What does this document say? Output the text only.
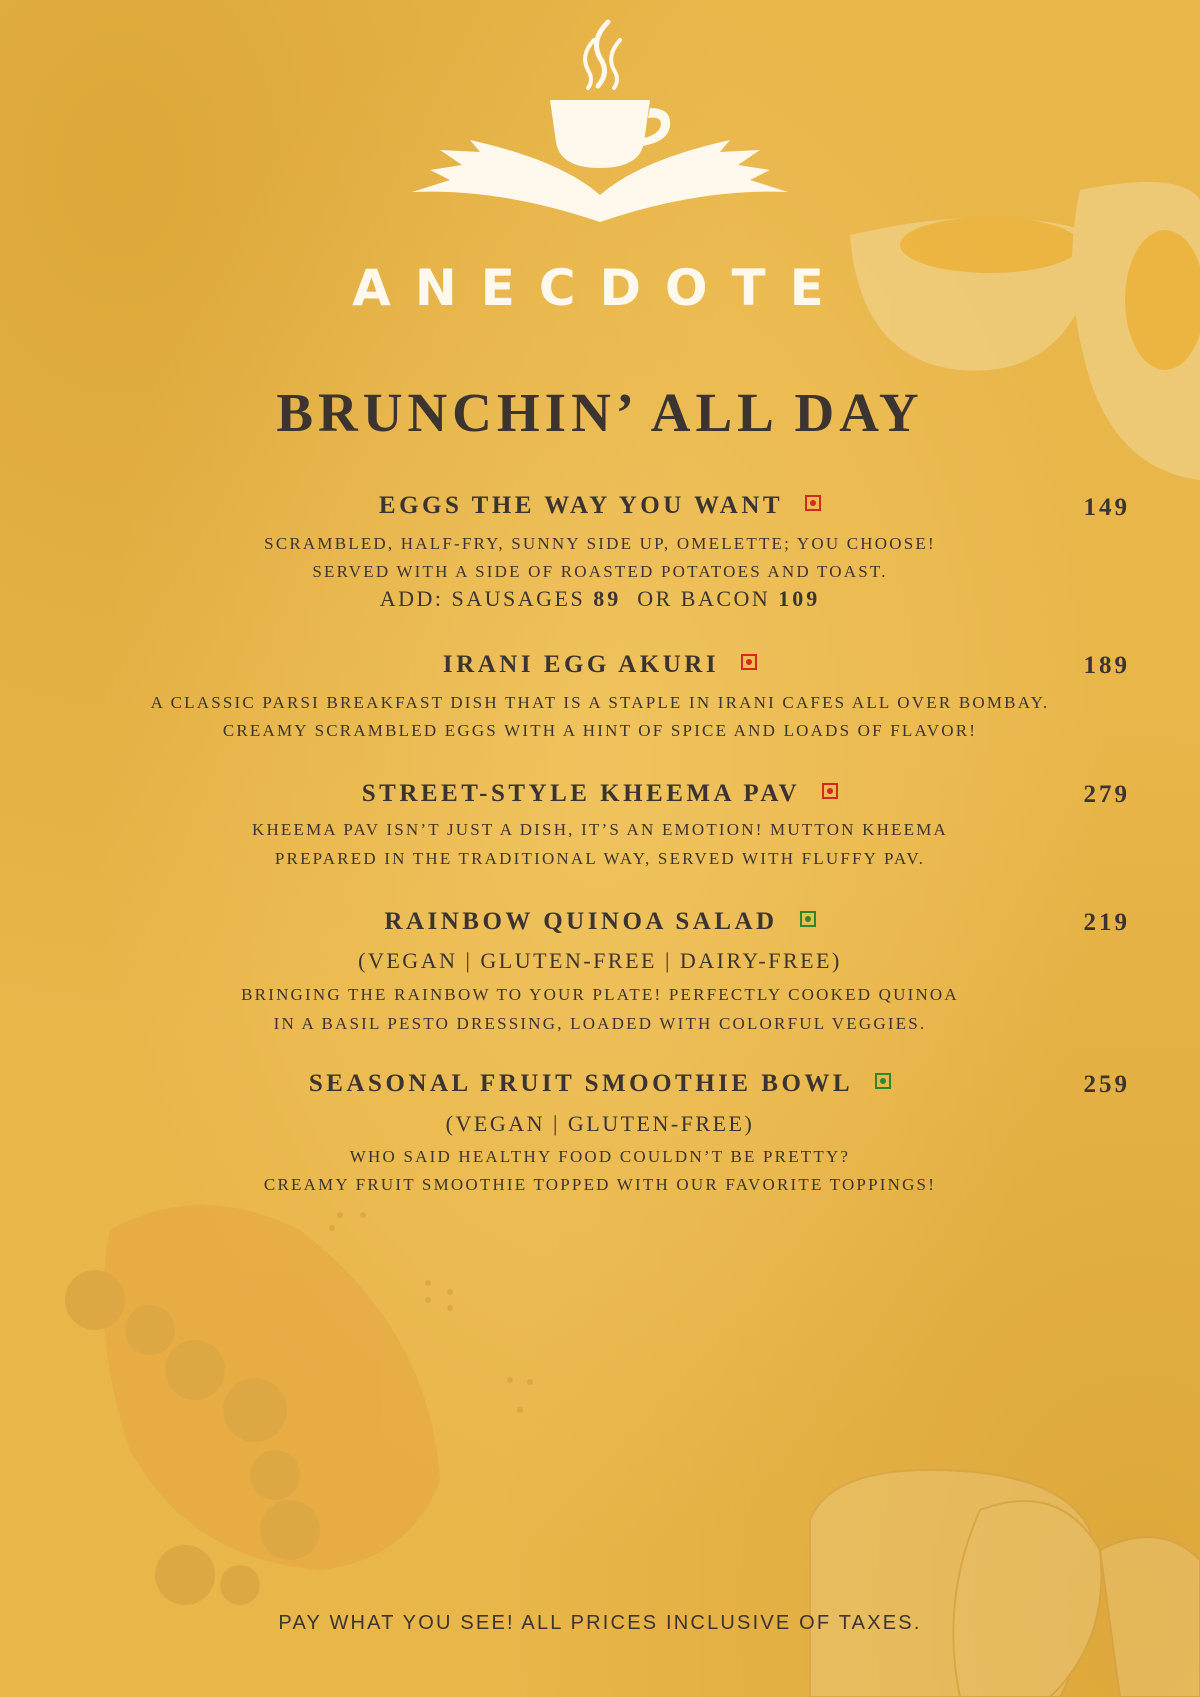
ANECDOTE
BRUNCHIN’ ALL DAY
EGGS THE WAY YOU WANT	149
SCRAMBLED, HALF-FRY, SUNNY SIDE UP, OMELETTE; YOU CHOOSE!
SERVED WITH A SIDE OF ROASTED POTATOES AND TOAST.
ADD: SAUSAGES 89 OR BACON 109
IRANI EGG AKURI	189
A CLASSIC PARSI BREAKFAST DISH THAT IS A STAPLE IN IRANI CAFES ALL OVER BOMBAY.
CREAMY SCRAMBLED EGGS WITH A HINT OF SPICE AND LOADS OF FLAVOR!
STREET-STYLE KHEEMA PAV	279
KHEEMA PAV ISN’T JUST A DISH, IT’S AN EMOTION! MUTTON KHEEMA
PREPARED IN THE TRADITIONAL WAY, SERVED WITH FLUFFY PAV.
RAINBOW QUINOA SALAD	219
(VEGAN | GLUTEN-FREE | DAIRY-FREE)
BRINGING THE RAINBOW TO YOUR PLATE! PERFECTLY COOKED QUINOA
IN A BASIL PESTO DRESSING, LOADED WITH COLORFUL VEGGIES.
SEASONAL FRUIT SMOOTHIE BOWL	259
(VEGAN | GLUTEN-FREE)
WHO SAID HEALTHY FOOD COULDN’T BE PRETTY?
CREAMY FRUIT SMOOTHIE TOPPED WITH OUR FAVORITE TOPPINGS!
PAY WHAT YOU SEE! ALL PRICES INCLUSIVE OF TAXES.
